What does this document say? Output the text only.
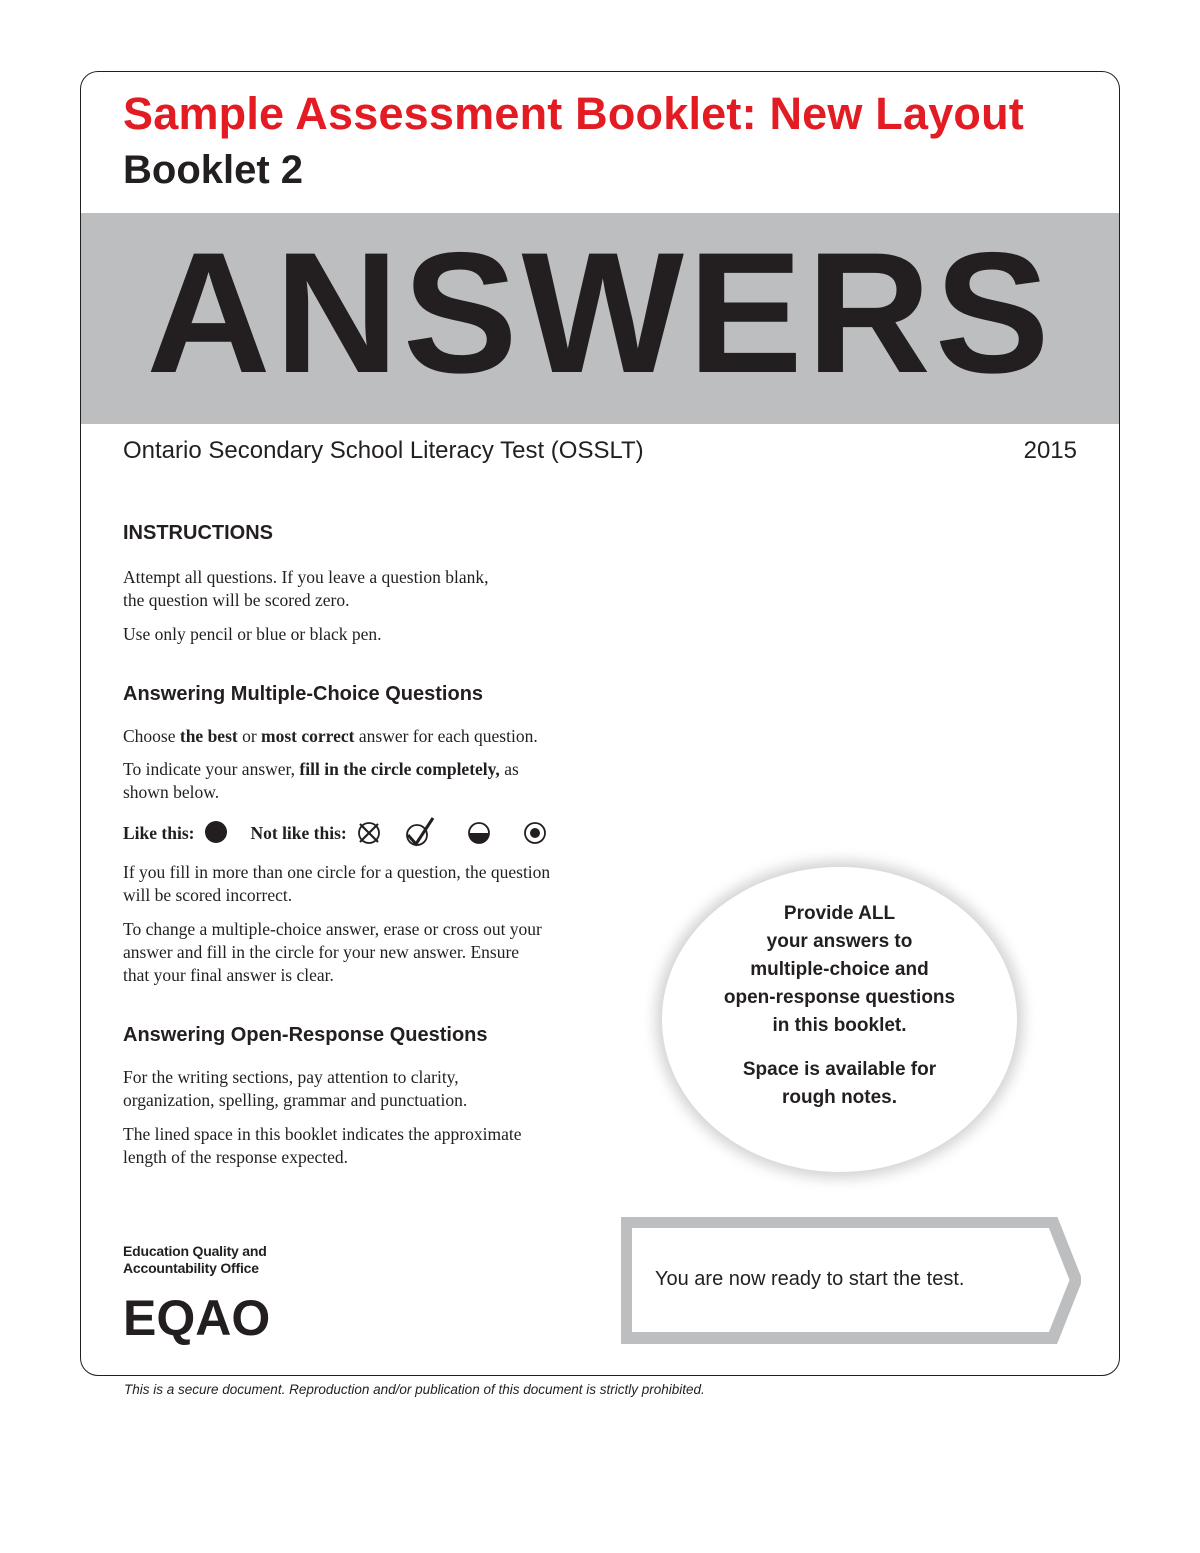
Sample Assessment Booklet: New Layout
Booklet 2
ANSWERS
Ontario Secondary School Literacy Test (OSSLT)	2015
INSTRUCTIONS

Attempt all questions. If you leave a question blank,
the question will be scored zero.

Use only pencil or blue or black pen.

Answering Multiple-Choice Questions

Choose the best or most correct answer for each question.

To indicate your answer, fill in the circle completely, as
shown below.

Like this:	Not like this:

If you fill in more than one circle for a question, the question
will be scored incorrect.

To change a multiple-choice answer, erase or cross out your
answer and fill in the circle for your new answer. Ensure
that your final answer is clear.

Answering Open-Response Questions

For the writing sections, pay attention to clarity,
organization, spelling, grammar and punctuation.

The lined space in this booklet indicates the approximate
length of the response expected.

Provide ALL
your answers to
multiple-choice and
open-response questions
in this booklet.

Space is available for
rough notes.

Education Quality and
Accountability Office

EQAO

You are now ready to start the test.

This is a secure document. Reproduction and/or publication of this document is strictly prohibited.
